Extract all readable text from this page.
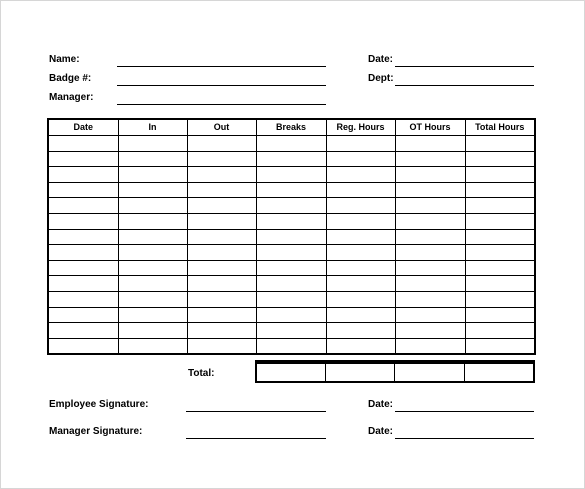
Name:
Badge #:
Manager:
Date:
Dept:
Date	In	Out	Breaks	Reg. Hours	OT Hours	Total Hours

Total:

Employee Signature:	Date:
Manager Signature:	Date:
